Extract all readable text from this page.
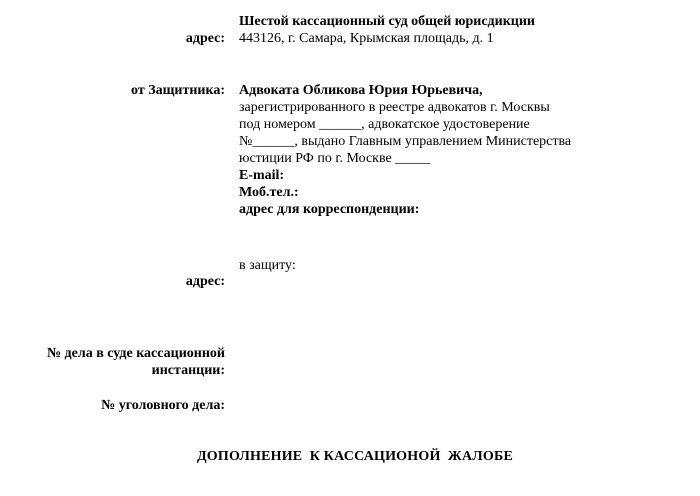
Шестой кассационный суд общей юрисдикции
443126, г. Самара, Крымская площадь, д. 1
адрес:
от Защитника: Адвоката Обликова Юрия Юрьевича,
зарегистрированного в реестре адвокатов г. Москвы
под номером ______, адвокатское удостоверение
№______, выдано Главным управлением Министерства
юстиции РФ по г. Москве _____
E-mail:
Моб.тел.:
адрес для корреспонденции:
в защиту:
адрес:
№ дела в суде кассационной
инстанции:
№ уголовного дела:
ДОПОЛНЕНИЕ  К КАССАЦИОНОЙ  ЖАЛОБЕ
